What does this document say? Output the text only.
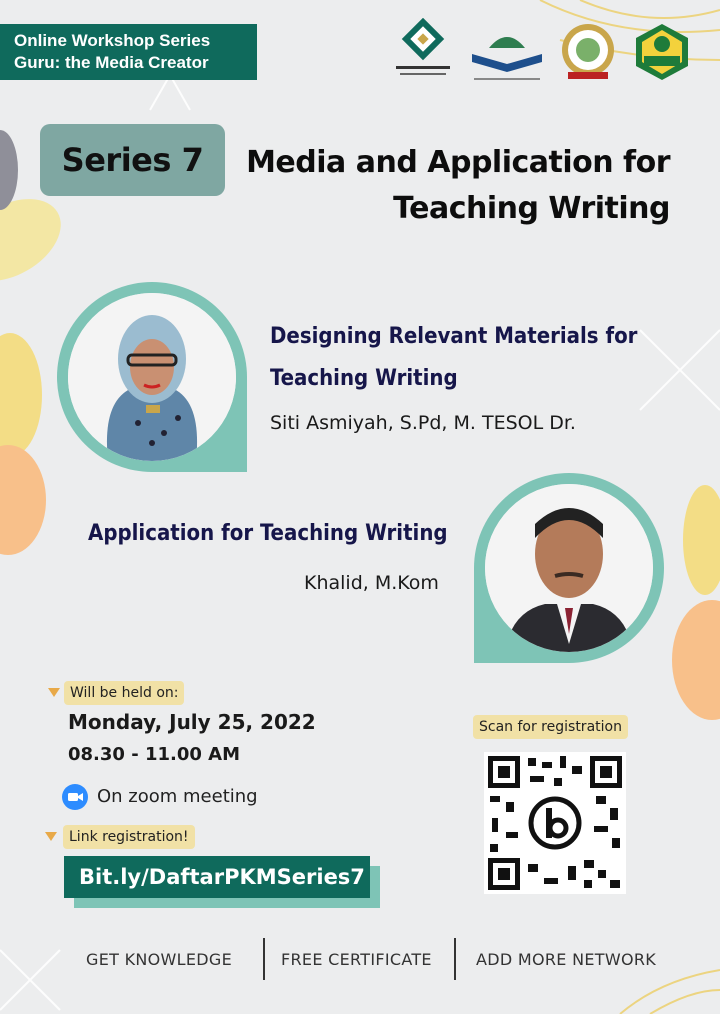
Online Workshop Series
Guru: the Media Creator
Series 7	Media and Application for
Teaching Writing
Designing Relevant Materials for
Teaching Writing
Siti Asmiyah, S.Pd, M. TESOL Dr.
Application for Teaching Writing
Khalid, M.Kom
Will be held on:
Monday, July 25, 2022
08.30 - 11.00 AM
On zoom meeting
Link registration!
Bit.ly/DaftarPKMSeries7
Scan for registration
GET KNOWLEDGE	FREE CERTIFICATE	ADD MORE NETWORK
